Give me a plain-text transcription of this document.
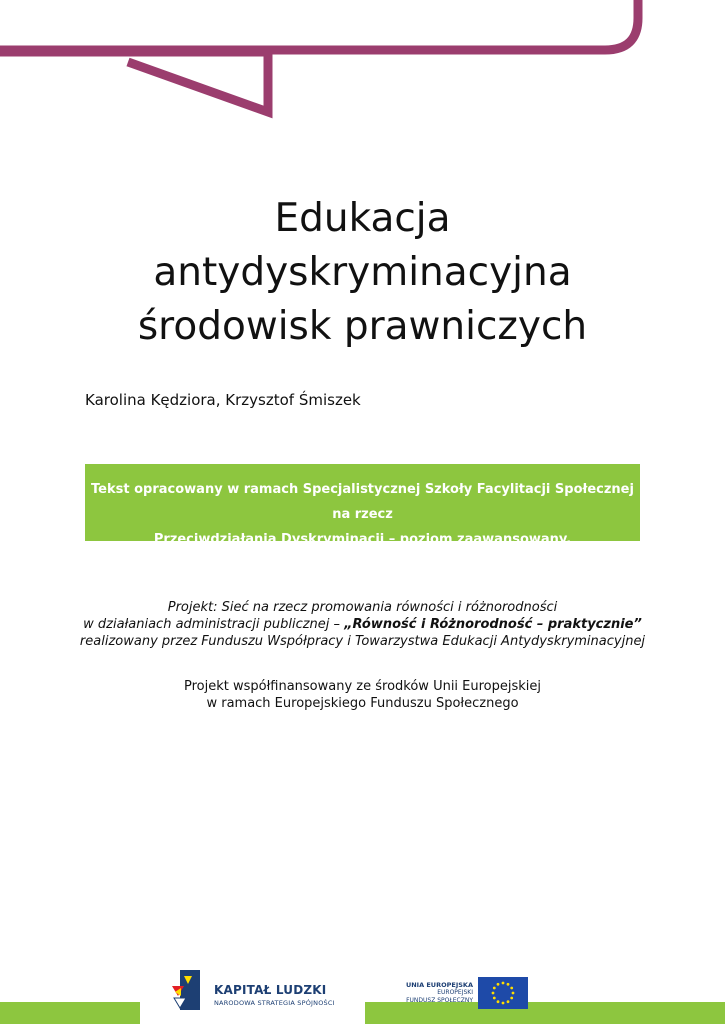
Edukacja
antydyskryminacyjna
środowisk prawniczych
Karolina Kędziora, Krzysztof Śmiszek
Tekst opracowany w ramach Specjalistycznej Szkoły Facylitacji Społecznej na rzecz
Przeciwdziałania Dyskryminacji – poziom zaawansowany.
Projekt: Sieć na rzecz promowania równości i różnorodności
w działaniach administracji publicznej – „Równość i Różnorodność – praktycznie”
realizowany przez Funduszu Współpracy i Towarzystwa Edukacji Antydyskryminacyjnej
Projekt współfinansowany ze środków Unii Europejskiej
w ramach Europejskiego Funduszu Społecznego
KAPITAŁ LUDZKI
NARODOWA STRATEGIA SPÓJNOŚCI
UNIA EUROPEJSKA
EUROPEJSKI
FUNDUSZ SPOŁECZNY
